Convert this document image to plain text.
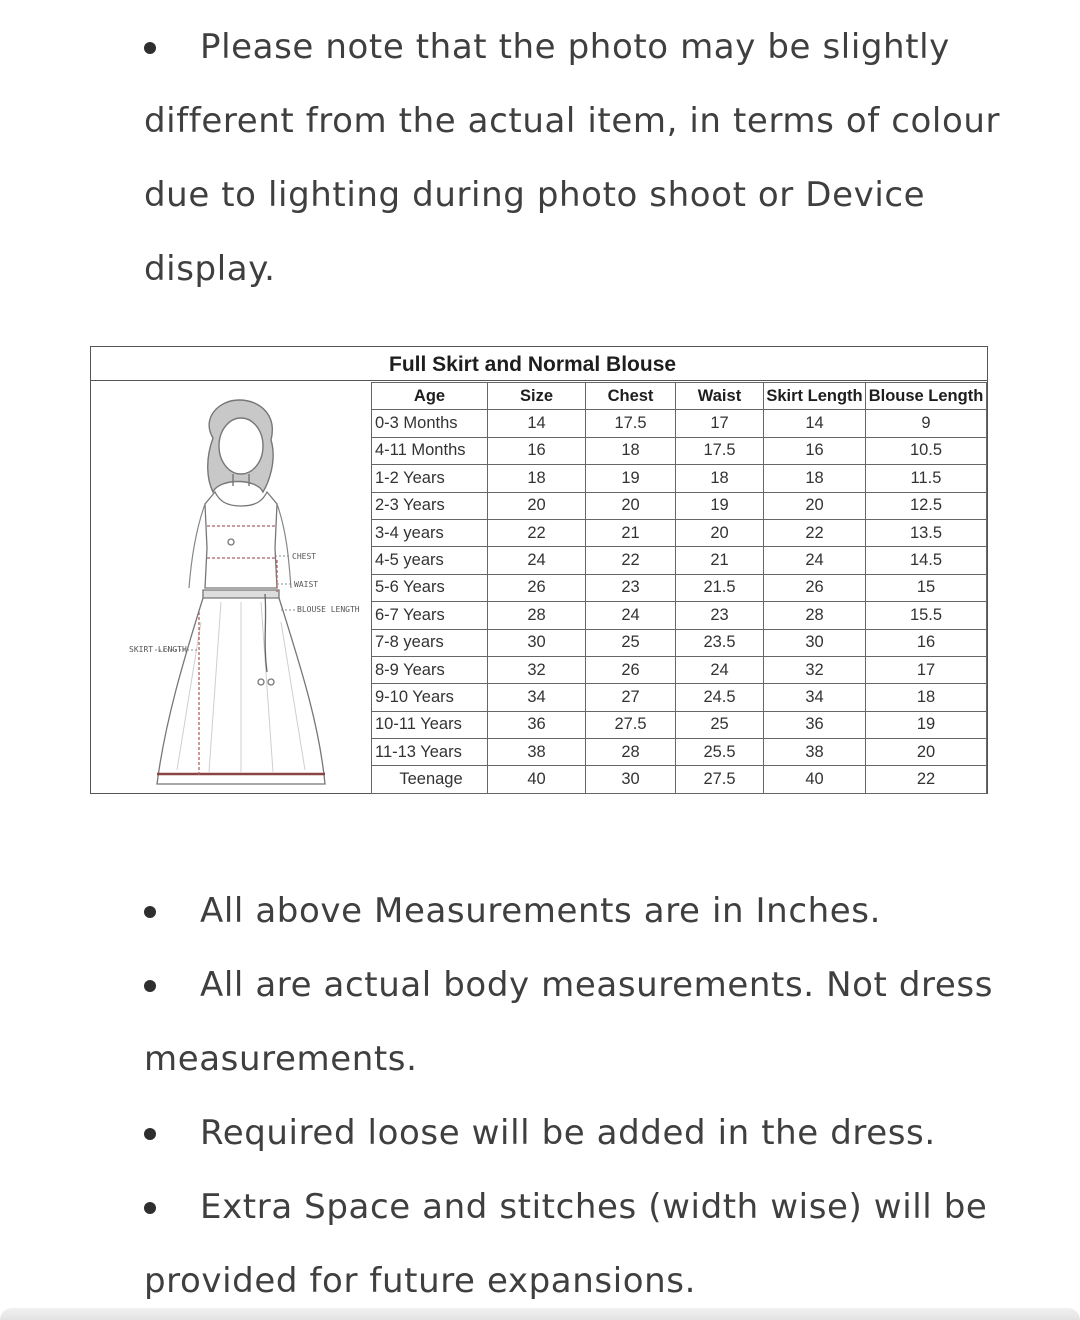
Please note that the photo may be slightly different from the actual item, in terms of colour due to lighting during photo shoot or Device display.
Full Skirt and Normal Blouse
CHEST
WAIST
BLOUSE LENGTH
SKIRT LENGTH
Age	Size	Chest	Waist	Skirt Length	Blouse Length
0-3 Months	14	17.5	17	14	9
4-11 Months	16	18	17.5	16	10.5
1-2 Years	18	19	18	18	11.5
2-3 Years	20	20	19	20	12.5
3-4 years	22	21	20	22	13.5
4-5 years	24	22	21	24	14.5
5-6 Years	26	23	21.5	26	15
6-7 Years	28	24	23	28	15.5
7-8 years	30	25	23.5	30	16
8-9 Years	32	26	24	32	17
9-10 Years	34	27	24.5	34	18
10-11 Years	36	27.5	25	36	19
11-13 Years	38	28	25.5	38	20
Teenage	40	30	27.5	40	22
All above Measurements are in Inches.
All are actual body measurements. Not dress measurements.
Required loose will be added in the dress.
Extra Space and stitches (width wise) will be provided for future expansions.
